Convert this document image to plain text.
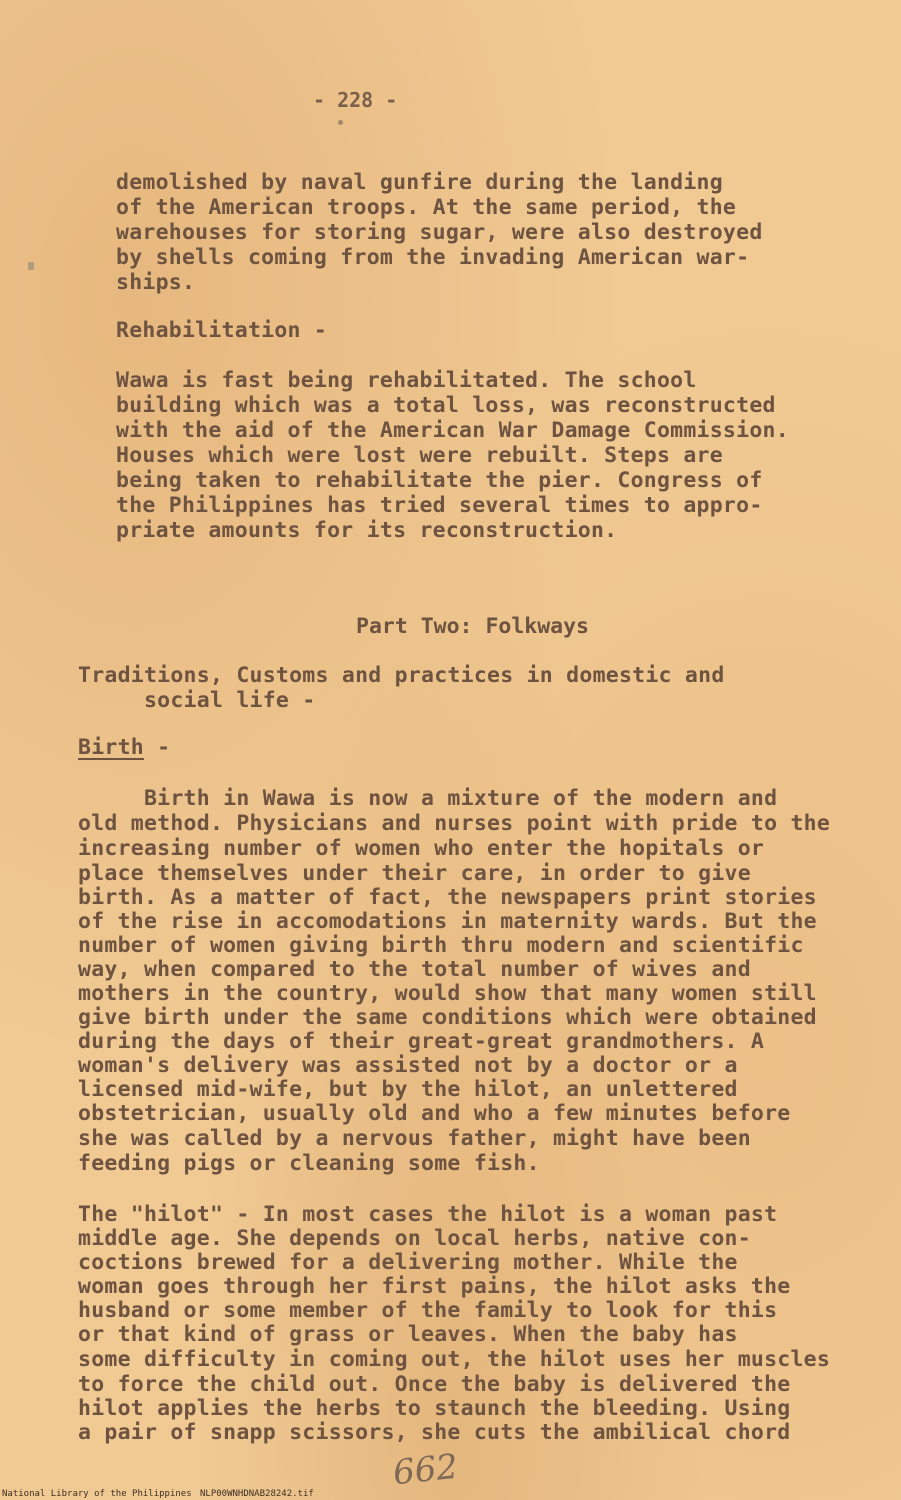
- 228 -
demolished by naval gunfire during the landing
of the American troops. At the same period, the
warehouses for storing sugar, were also destroyed
by shells coming from the invading American war-
ships.
Rehabilitation -
Wawa is fast being rehabilitated. The school
building which was a total loss, was reconstructed
with the aid of the American War Damage Commission.
Houses which were lost were rebuilt. Steps are
being taken to rehabilitate the pier. Congress of
the Philippines has tried several times to appro-
priate amounts for its reconstruction.
Part Two: Folkways
Traditions, Customs and practices in domestic and
social life -
Birth -
Birth in Wawa is now a mixture of the modern and
old method. Physicians and nurses point with pride to the
increasing number of women who enter the hopitals or
place themselves under their care, in order to give
birth. As a matter of fact, the newspapers print stories
of the rise in accomodations in maternity wards. But the
number of women giving birth thru modern and scientific
way, when compared to the total number of wives and
mothers in the country, would show that many women still
give birth under the same conditions which were obtained
during the days of their great-great grandmothers. A
woman's delivery was assisted not by a doctor or a
licensed mid-wife, but by the hilot, an unlettered
obstetrician, usually old and who a few minutes before
she was called by a nervous father, might have been
feeding pigs or cleaning some fish.
The "hilot" - In most cases the hilot is a woman past
middle age. She depends on local herbs, native con-
coctions brewed for a delivering mother. While the
woman goes through her first pains, the hilot asks the
husband or some member of the family to look for this
or that kind of grass or leaves. When the baby has
some difficulty in coming out, the hilot uses her muscles
to force the child out. Once the baby is delivered the
hilot applies the herbs to staunch the bleeding. Using
a pair of snapp scissors, she cuts the ambilical chord
662
National Library of the Philippines NLP00WNHDNAB28242.tif
